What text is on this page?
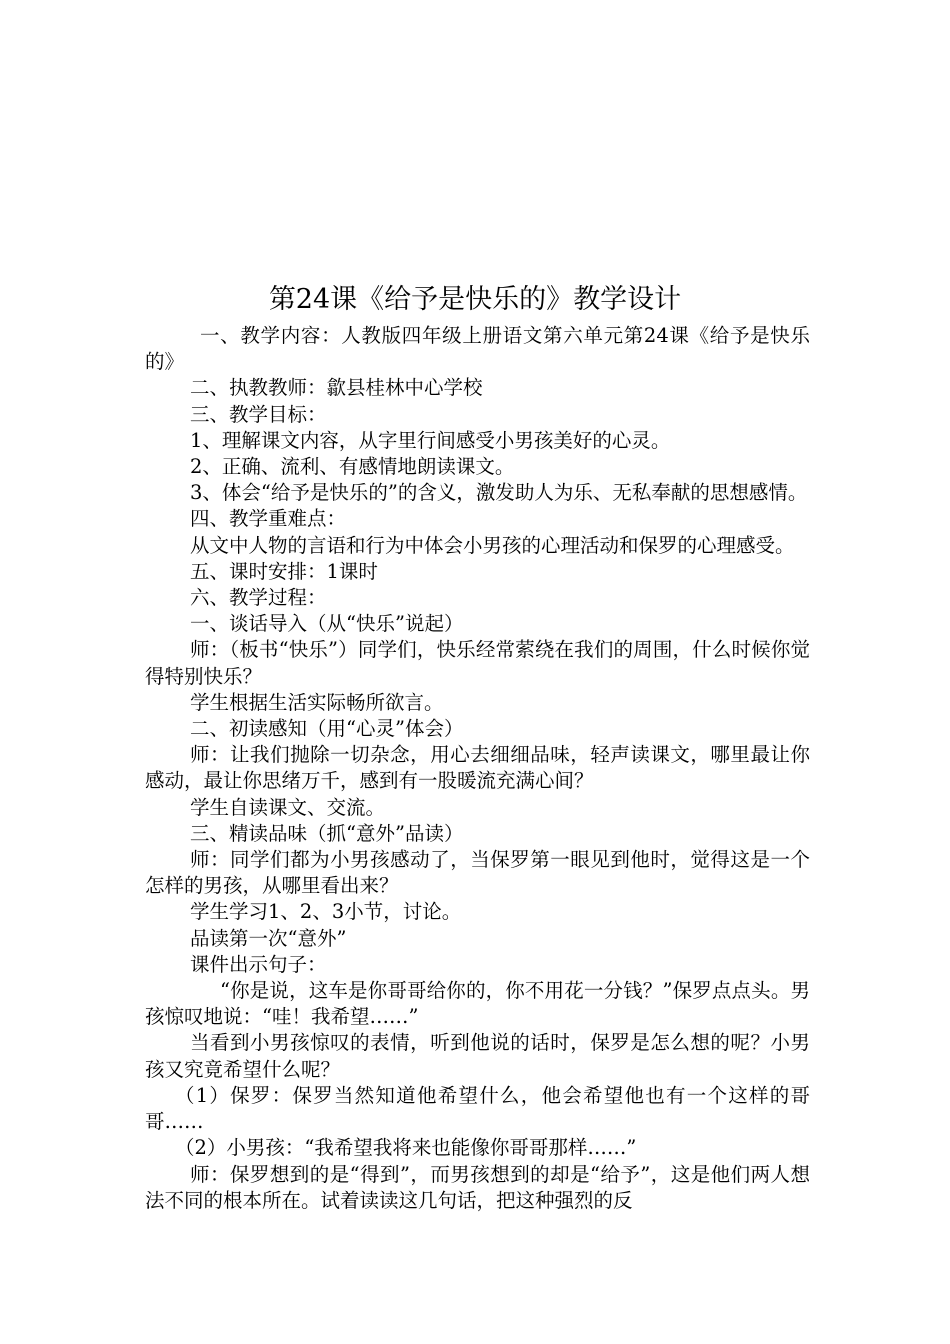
第24课《给予是快乐的》教学设计

一、教学内容：人教版四年级上册语文第六单元第24课《给予是快乐的》

二、执教教师：歙县桂林中心学校

三、教学目标：

1、理解课文内容，从字里行间感受小男孩美好的心灵。

2、正确、流利、有感情地朗读课文。

3、体会“给予是快乐的”的含义，激发助人为乐、无私奉献的思想感情。

四、教学重难点：

从文中人物的言语和行为中体会小男孩的心理活动和保罗的心理感受。

五、课时安排：1课时

六、教学过程：

一、谈话导入（从“快乐”说起）

师：（板书“快乐”）同学们，快乐经常萦绕在我们的周围，什么时候你觉得特别快乐？

学生根据生活实际畅所欲言。

二、初读感知（用“心灵”体会）

师：让我们抛除一切杂念，用心去细细品味，轻声读课文，哪里最让你感动，最让你思绪万千，感到有一股暖流充满心间？

学生自读课文、交流。

三、精读品味（抓“意外”品读）

师：同学们都为小男孩感动了，当保罗第一眼见到他时，觉得这是一个怎样的男孩，从哪里看出来？

学生学习1、2、3小节，讨论。

品读第一次“意外”

课件出示句子：

“你是说，这车是你哥哥给你的，你不用花一分钱？”保罗点点头。男孩惊叹地说：“哇！我希望……”

当看到小男孩惊叹的表情，听到他说的话时，保罗是怎么想的呢？小男孩又究竟希望什么呢？

（1）保罗：保罗当然知道他希望什么，他会希望他也有一个这样的哥哥……

（2）小男孩：“我希望我将来也能像你哥哥那样……”

师：保罗想到的是“得到”，而男孩想到的却是“给予”，这是他们两人想法不同的根本所在。试着读读这几句话，把这种强烈的反
